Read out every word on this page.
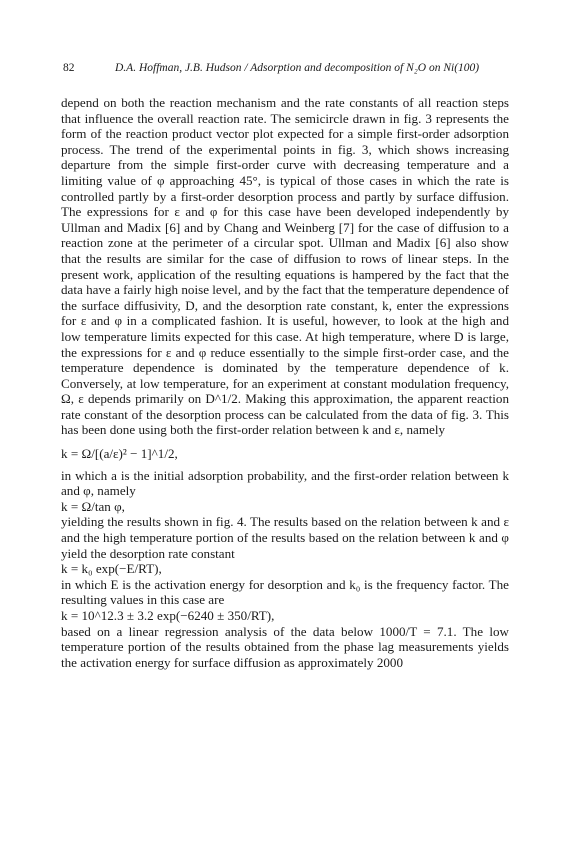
82	D.A. Hoffman, J.B. Hudson / Adsorption and decomposition of N₂O on Ni(100)

depend on both the reaction mechanism and the rate constants of all reaction steps that influence the overall reaction rate. The semicircle drawn in fig. 3 represents the form of the reaction product vector plot expected for a simple first-order adsorption process. The trend of the experimental points in fig. 3, which shows increasing departure from the simple first-order curve with decreasing temperature and a limiting value of φ approaching 45°, is typical of those cases in which the rate is controlled partly by a first-order desorption process and partly by surface diffusion. The expressions for ε and φ for this case have been developed independently by Ullman and Madix [6] and by Chang and Weinberg [7] for the case of diffusion to a reaction zone at the perimeter of a circular spot. Ullman and Madix [6] also show that the results are similar for the case of diffusion to rows of linear steps. In the present work, application of the resulting equations is hampered by the fact that the data have a fairly high noise level, and by the fact that the temperature dependence of the surface diffusivity, D, and the desorption rate constant, k, enter the expressions for ε and φ in a complicated fashion. It is useful, however, to look at the high and low temperature limits expected for this case. At high temperature, where D is large, the expressions for ε and φ reduce essentially to the simple first-order case, and the temperature dependence is dominated by the temperature dependence of k. Conversely, at low temperature, for an experiment at constant modulation frequency, Ω, ε depends primarily on D^1/2. Making this approximation, the apparent reaction rate constant of the desorption process can be calculated from the data of fig. 3. This has been done using both the first-order relation between k and ε, namely

k = Ω/[(a/ε)² − 1]^1/2,

in which a is the initial adsorption probability, and the first-order relation between k and φ, namely

k = Ω/tan φ,

yielding the results shown in fig. 4. The results based on the relation between k and ε and the high temperature portion of the results based on the relation between k and φ yield the desorption rate constant

k = k₀ exp(−E/RT),

in which E is the activation energy for desorption and k₀ is the frequency factor. The resulting values in this case are

k = 10^12.3 ± 3.2 exp(−6240 ± 350/RT),

based on a linear regression analysis of the data below 1000/T = 7.1. The low temperature portion of the results obtained from the phase lag measurements yields the activation energy for surface diffusion as approximately 2000
